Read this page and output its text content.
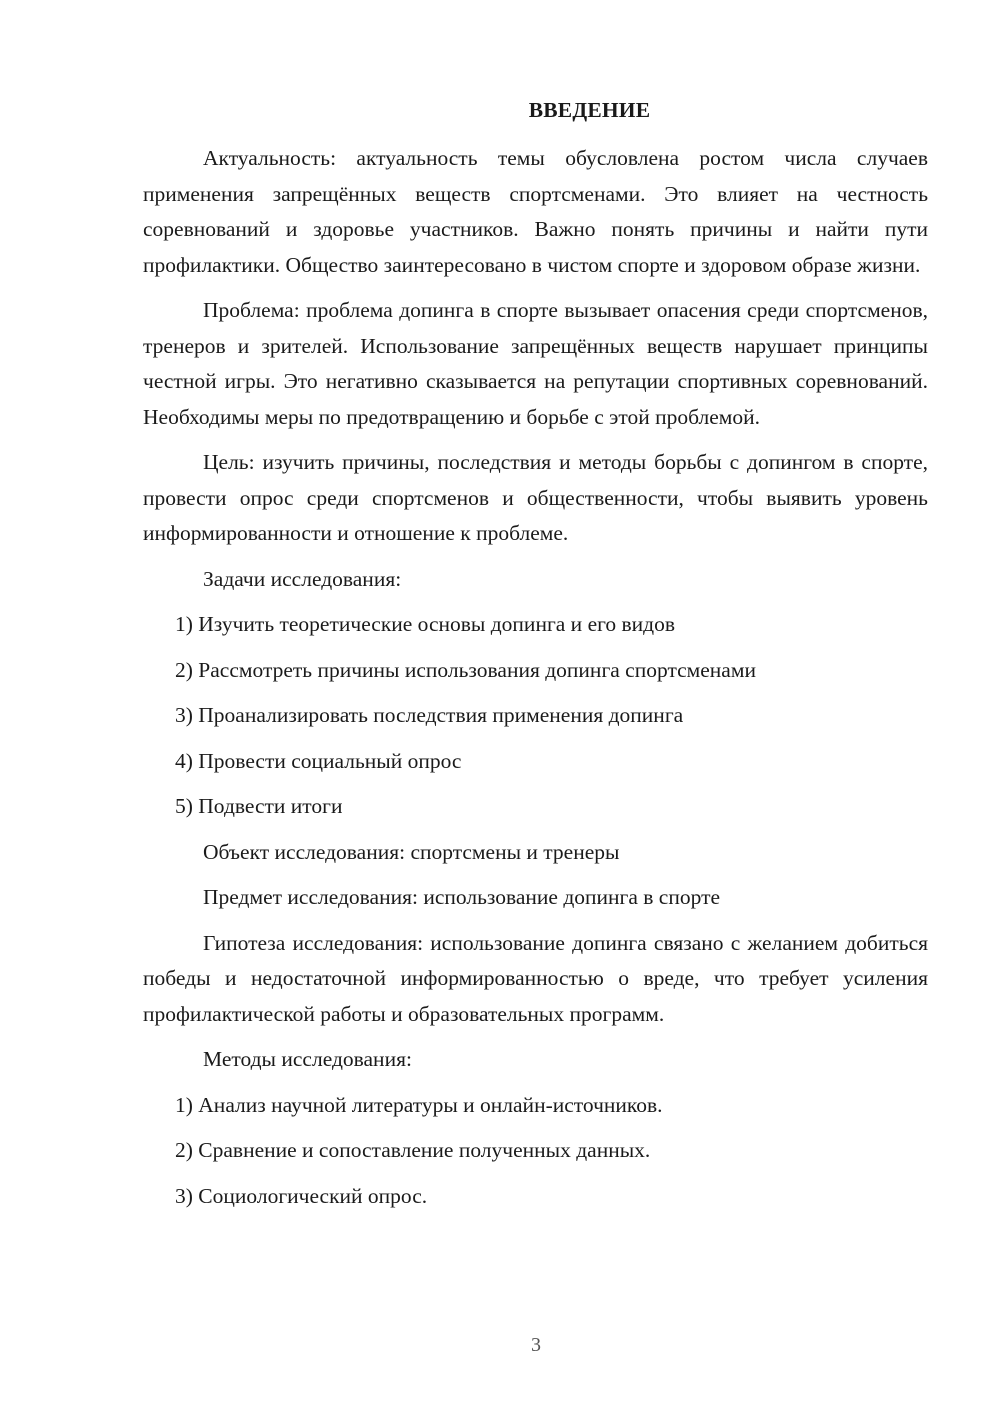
ВВЕДЕНИЕ

Актуальность: актуальность темы обусловлена ростом числа случаев применения запрещённых веществ спортсменами. Это влияет на честность соревнований и здоровье участников. Важно понять причины и найти пути профилактики. Общество заинтересовано в чистом спорте и здоровом образе жизни.

Проблема: проблема допинга в спорте вызывает опасения среди спортсменов, тренеров и зрителей. Использование запрещённых веществ нарушает принципы честной игры. Это негативно сказывается на репутации спортивных соревнований. Необходимы меры по предотвращению и борьбе с этой проблемой.

Цель: изучить причины, последствия и методы борьбы с допингом в спорте, провести опрос среди спортсменов и общественности, чтобы выявить уровень информированности и отношение к проблеме.

Задачи исследования:
1) Изучить теоретические основы допинга и его видов
2) Рассмотреть причины использования допинга спортсменами
3) Проанализировать последствия применения допинга
4) Провести социальный опрос
5) Подвести итоги
Объект исследования: спортсмены и тренеры
Предмет исследования: использование допинга в спорте

Гипотеза исследования: использование допинга связано с желанием добиться победы и недостаточной информированностью о вреде, что требует усиления профилактической работы и образовательных программ.

Методы исследования:
1) Анализ научной литературы и онлайн-источников.
2) Сравнение и сопоставление полученных данных.
3) Социологический опрос.
3
